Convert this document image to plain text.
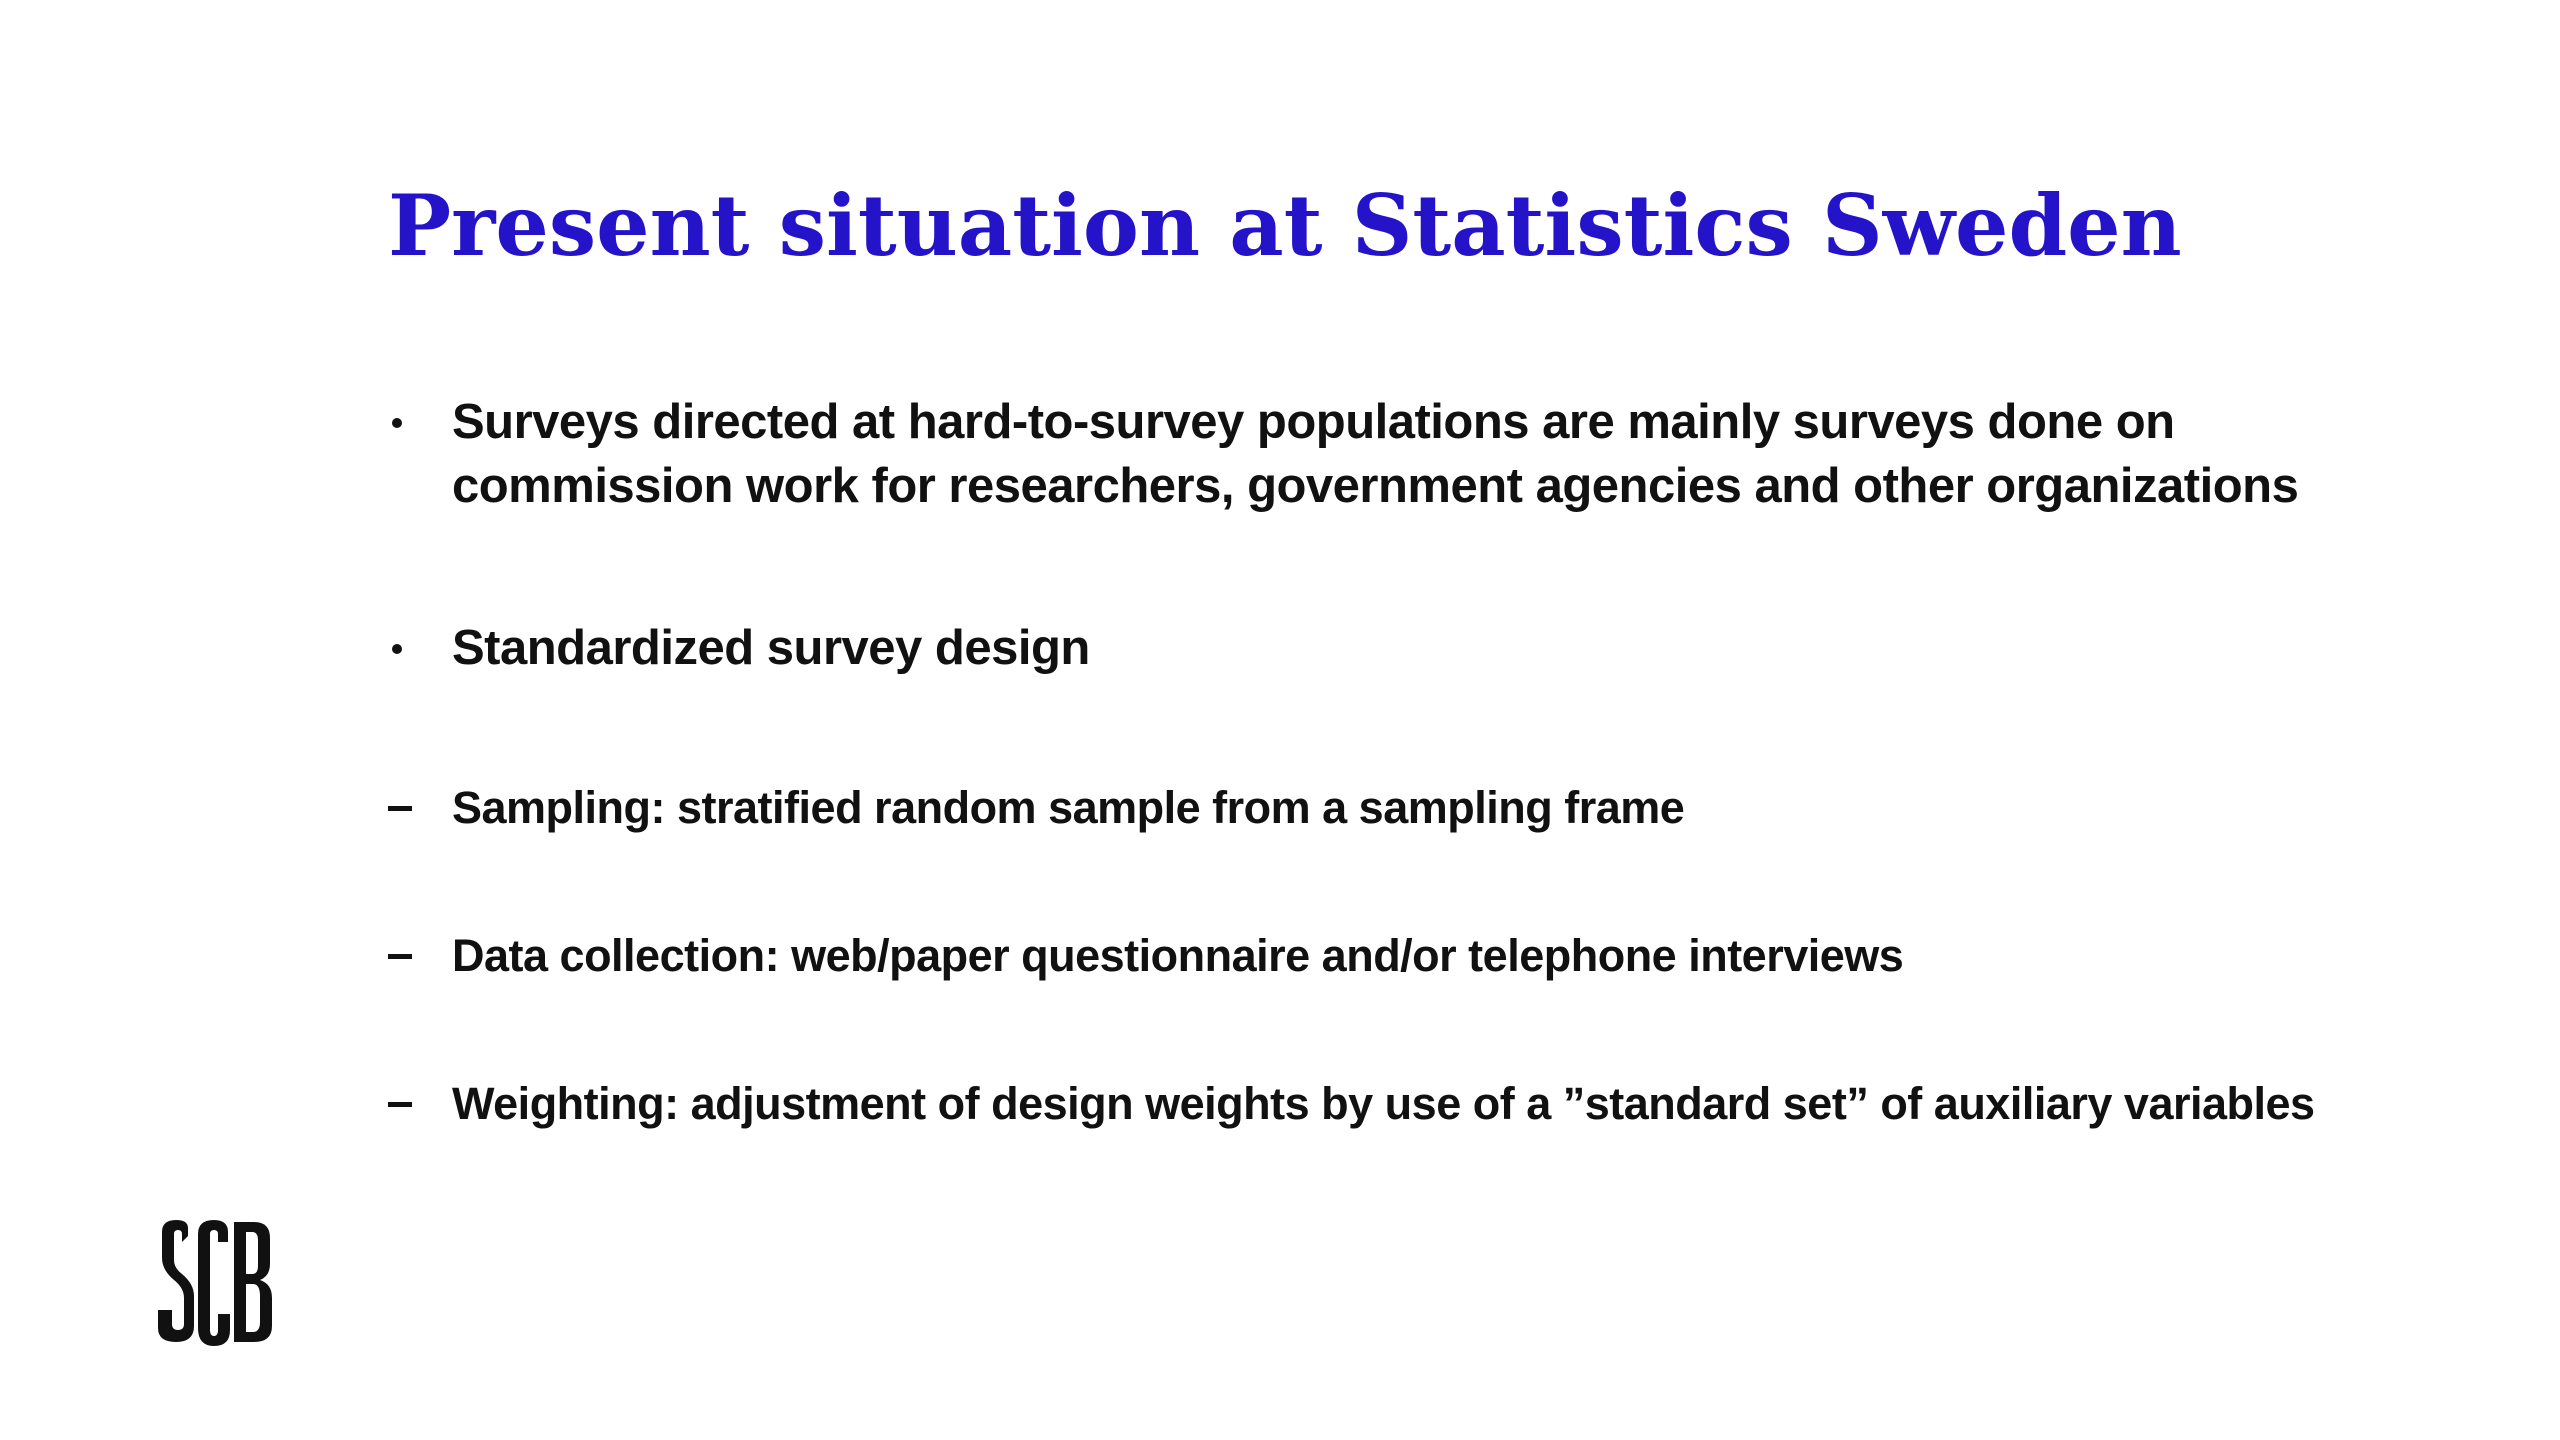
Present situation at Statistics Sweden
Surveys directed at hard-to-survey populations are mainly surveys done on commission work for researchers, government agencies and other organizations
Standardized survey design
Sampling: stratified random sample from a sampling frame
Data collection: web/paper questionnaire and/or telephone interviews
Weighting: adjustment of design weights by use of a ”standard set” of auxiliary variables
